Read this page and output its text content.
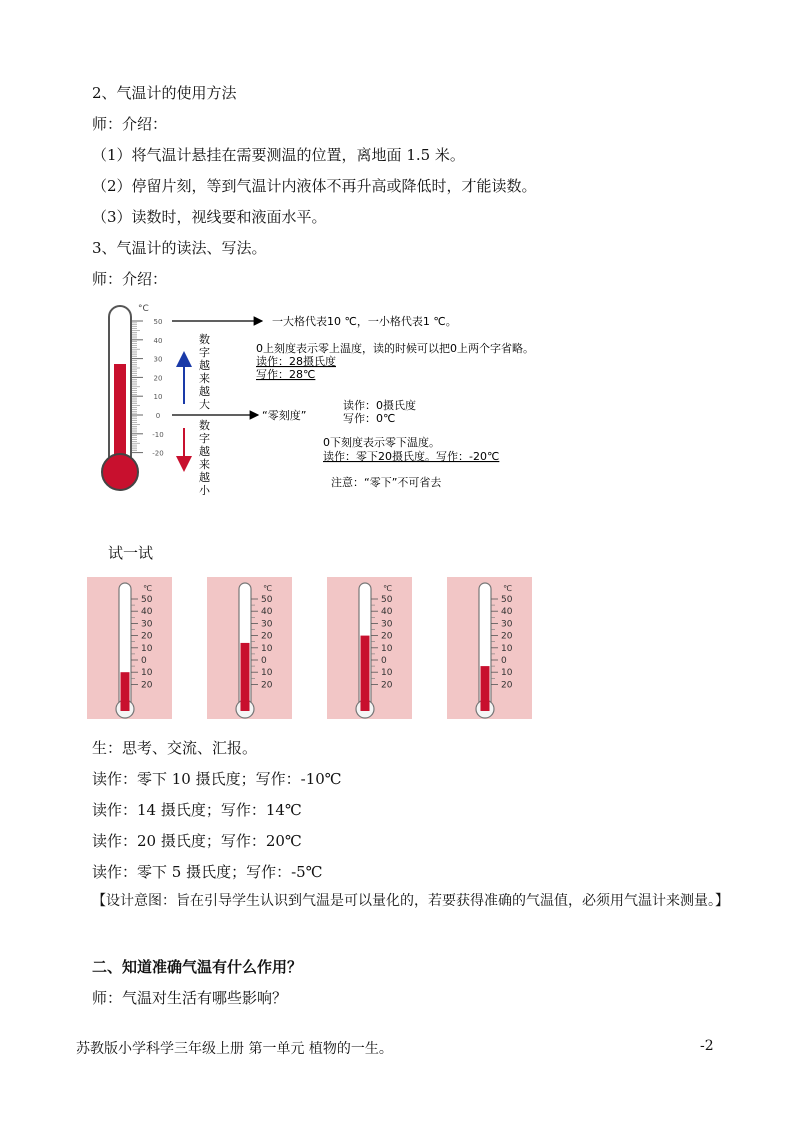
2、气温计的使用方法
师：介绍：
（1）将气温计悬挂在需要测温的位置，离地面 1.5 米。
（2）停留片刻，等到气温计内液体不再升高或降低时，才能读数。
（3）读数时，视线要和液面水平。
3、气温计的读法、写法。
师：介绍：
°C
50
40
30
20
10
0
-10
-20
数
字
越
来
越
大
数
字
越
来
越
小
一大格代表10 ℃，一小格代表1 ℃。
0上刻度表示零上温度，读的时候可以把0上两个字省略。
读作：28摄氏度
写作：28℃
“零刻度”
读作：0摄氏度
写作：0℃
0下刻度表示零下温度。
读作：零下20摄氏度。写作：-20℃
注意：“零下”不可省去
试一试
℃
50
40
30
20
10
0
10
20
℃
50
40
30
20
10
0
10
20
℃
50
40
30
20
10
0
10
20
℃
50
40
30
20
10
0
10
20
生：思考、交流、汇报。
读作：零下 10 摄氏度；写作：-10℃
读作：14 摄氏度；写作：14℃
读作：20 摄氏度；写作：20℃
读作：零下 5 摄氏度；写作：-5℃
【设计意图：旨在引导学生认识到气温是可以量化的，若要获得准确的气温值，必须用气温计来测量。】
二、知道准确气温有什么作用？
师：气温对生活有哪些影响？
苏教版小学科学三年级上册 第一单元 植物的一生。	-2
